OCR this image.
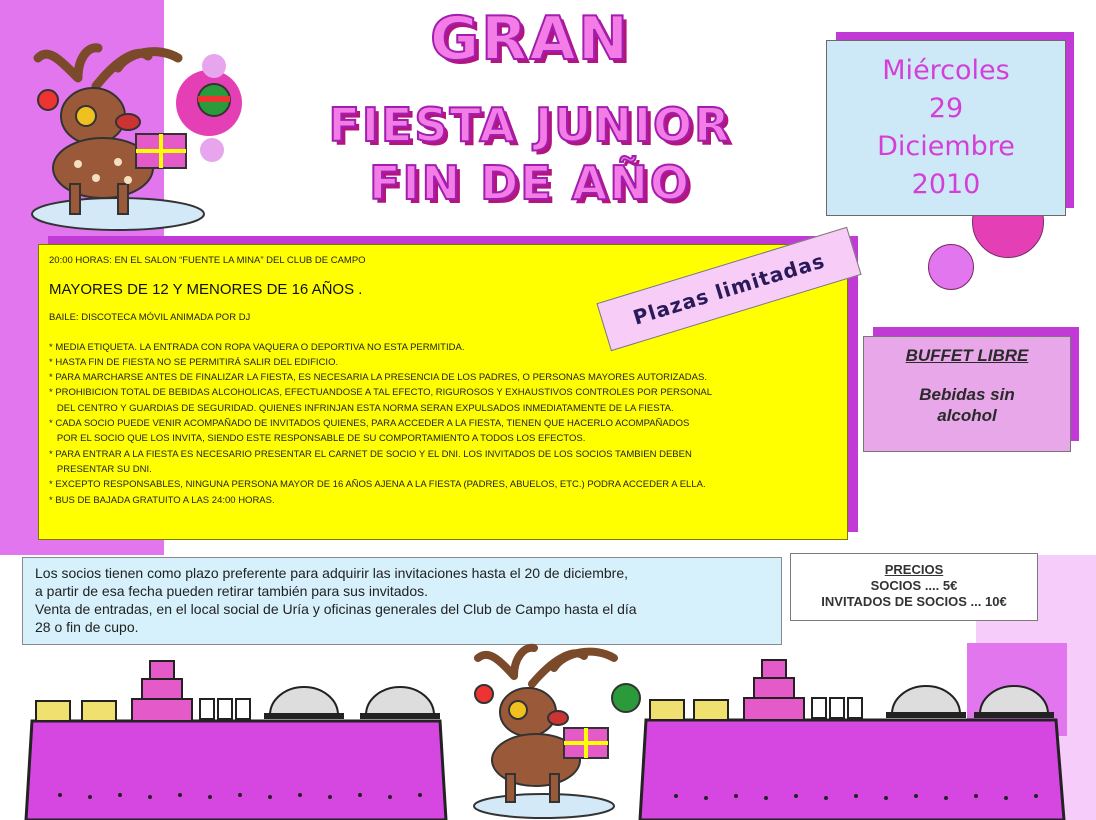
GRAN
FIESTA JUNIOR
FIN DE AÑO
Miércoles
29
Diciembre
2010
20:00 HORAS: EN EL SALON “FUENTE LA MINA” DEL CLUB DE CAMPO
MAYORES DE 12 Y MENORES DE 16 AÑOS .
BAILE: DISCOTECA MÓVIL ANIMADA POR DJ
* MEDIA ETIQUETA. LA ENTRADA CON ROPA VAQUERA O DEPORTIVA NO ESTA PERMITIDA.
* HASTA FIN DE FIESTA NO SE PERMITIRÁ SALIR DEL EDIFICIO.
* PARA MARCHARSE ANTES DE FINALIZAR LA FIESTA, ES NECESARIA LA PRESENCIA DE LOS PADRES, O PERSONAS MAYORES AUTORIZADAS.
* PROHIBICION TOTAL DE BEBIDAS ALCOHOLICAS, EFECTUANDOSE A TAL EFECTO, RIGUROSOS Y EXHAUSTIVOS CONTROLES POR PERSONAL
DEL CENTRO Y GUARDIAS DE SEGURIDAD. QUIENES INFRINJAN ESTA NORMA SERAN EXPULSADOS INMEDIATAMENTE DE LA FIESTA.
* CADA SOCIO PUEDE VENIR ACOMPAÑADO DE INVITADOS QUIENES, PARA ACCEDER A LA FIESTA, TIENEN QUE HACERLO ACOMPAÑADOS
POR EL SOCIO QUE LOS INVITA, SIENDO ESTE RESPONSABLE DE SU COMPORTAMIENTO A TODOS LOS EFECTOS.
* PARA ENTRAR A LA FIESTA ES NECESARIO PRESENTAR EL CARNET DE SOCIO Y EL DNI. LOS INVITADOS DE LOS SOCIOS TAMBIEN DEBEN
PRESENTAR SU DNI.
* EXCEPTO RESPONSABLES, NINGUNA PERSONA MAYOR DE 16 AÑOS AJENA A LA FIESTA (PADRES, ABUELOS, ETC.) PODRA ACCEDER A ELLA.
* BUS DE BAJADA GRATUITO A LAS 24:00 HORAS.
Plazas limitadas
BUFFET LIBRE
Bebidas sin
alcohol
Los socios tienen como plazo preferente para adquirir las invitaciones hasta el 20 de diciembre,
a partir de esa fecha pueden retirar también para sus invitados.
Venta de entradas, en el local social de Uría y oficinas generales del Club de Campo hasta el día
28 o fin de cupo.
PRECIOS
SOCIOS .... 5€
INVITADOS DE SOCIOS ... 10€
